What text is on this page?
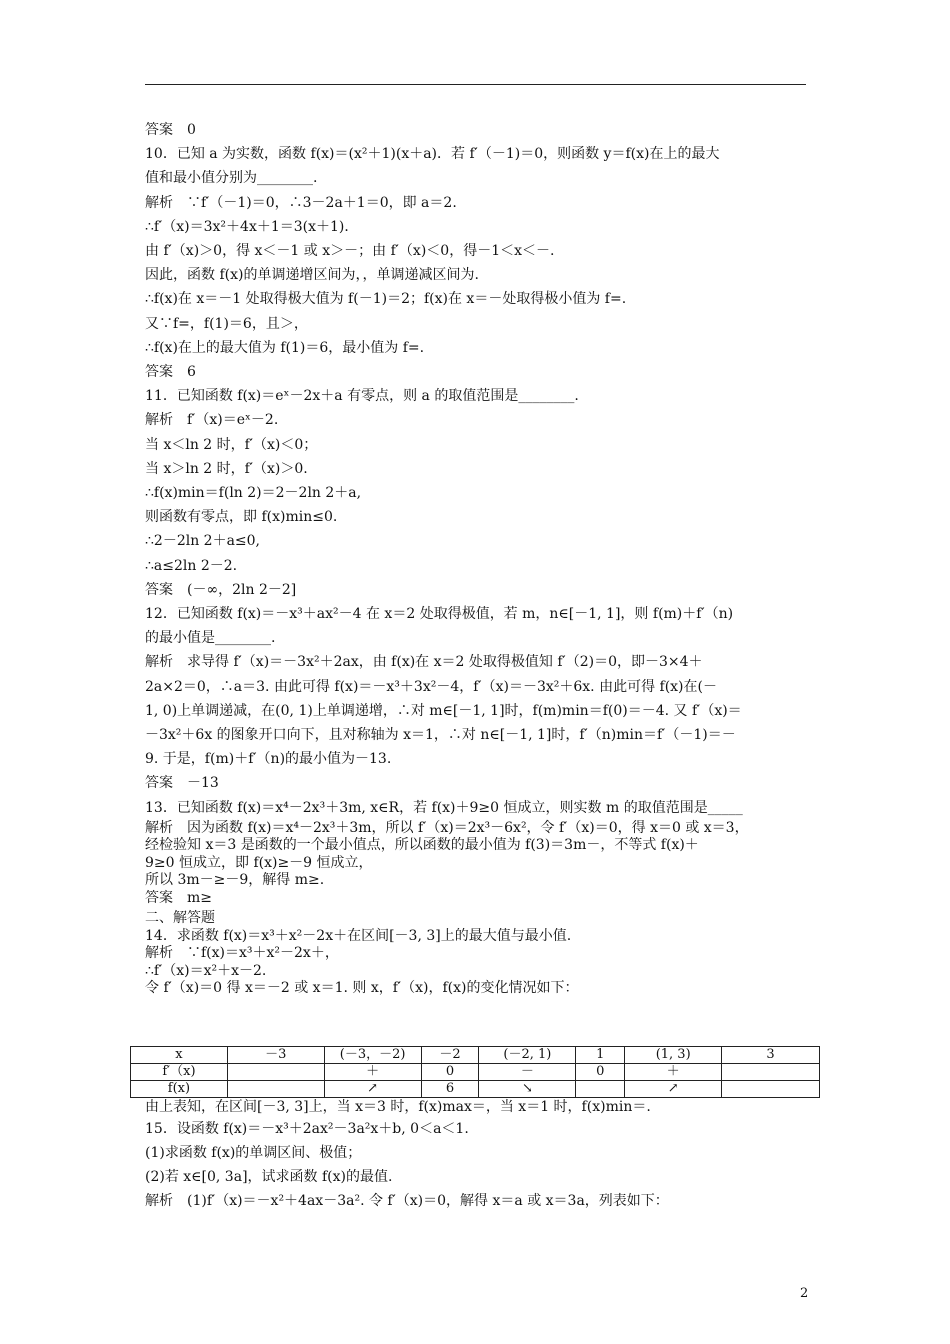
答案　0
10．已知 a 为实数，函数 f(x)＝(x²＋1)(x＋a)．若 f′（－1)＝0，则函数 y＝f(x)在上的最大
值和最小值分别为________.
解析　∵f′（－1)＝0，∴3－2a＋1＝0，即 a＝2.
∴f′（x)＝3x²＋4x＋1＝3(x＋1)．
由 f′（x)＞0，得 x＜－1 或 x＞－；由 f′（x)＜0，得－1＜x＜－.
因此，函数 f(x)的单调递增区间为，，单调递减区间为.
∴f(x)在 x＝－1 处取得极大值为 f(－1)＝2；f(x)在 x＝－处取得极小值为 f=.
又∵f=，f(1)＝6，且＞，
∴f(x)在上的最大值为 f(1)＝6，最小值为 f=.
答案　6
11．已知函数 f(x)＝eˣ－2x＋a 有零点，则 a 的取值范围是________.
解析　f′（x)＝eˣ－2.
当 x＜ln 2 时，f′（x)＜0；
当 x＞ln 2 时，f′（x)＞0.
∴f(x)min＝f(ln 2)＝2－2ln 2＋a,
则函数有零点，即 f(x)min≤0.
∴2－2ln 2＋a≤0,
∴a≤2ln 2－2.
答案　(－∞，2ln 2－2]
12．已知函数 f(x)＝－x³＋ax²－4 在 x＝2 处取得极值，若 m，n∈[－1, 1]，则 f(m)＋f′（n)
的最小值是________.
解析　求导得 f′（x)＝－3x²＋2ax，由 f(x)在 x＝2 处取得极值知 f′（2)＝0，即－3×4＋
2a×2＝0，∴a＝3. 由此可得 f(x)＝－x³＋3x²－4，f′（x)＝－3x²＋6x. 由此可得 f(x)在(－
1, 0)上单调递减，在(0, 1)上单调递增，∴对 m∈[－1, 1]时，f(m)min＝f(0)＝－4. 又 f′（x)＝
－3x²＋6x 的图象开口向下，且对称轴为 x＝1，∴对 n∈[－1, 1]时，f′（n)min＝f′（－1)＝－
9. 于是，f(m)＋f′（n)的最小值为－13.
答案　－13
13．已知函数 f(x)＝x⁴－2x³＋3m, x∈R，若 f(x)＋9≥0 恒成立，则实数 m 的取值范围是_____
解析　因为函数 f(x)＝x⁴－2x³＋3m，所以 f′（x)＝2x³－6x²，令 f′（x)＝0，得 x＝0 或 x＝3，
经检验知 x＝3 是函数的一个最小值点，所以函数的最小值为 f(3)＝3m－，不等式 f(x)＋
9≥0 恒成立，即 f(x)≥－9 恒成立，
所以 3m－≥－9，解得 m≥.
答案　m≥
二、解答题
14．求函数 f(x)＝x³＋x²－2x＋在区间[－3, 3]上的最大值与最小值.
解析　∵f(x)＝x³＋x²－2x＋，
∴f′（x)＝x²＋x－2.
令 f′（x)＝0 得 x＝－2 或 x＝1. 则 x，f′（x)，f(x)的变化情况如下：
x	－3	(－3，－2)	－2	(－2, 1)	1	(1, 3)	3
f′（x)		＋	0	－	0	＋	
f(x)		↗	6	↘		↗	
由上表知，在区间[－3, 3]上，当 x＝3 时，f(x)max＝，当 x＝1 时，f(x)min＝.
15．设函数 f(x)＝－x³＋2ax²－3a²x＋b, 0＜a＜1.
(1)求函数 f(x)的单调区间、极值；
(2)若 x∈[0, 3a]，试求函数 f(x)的最值.
解析　(1)f′（x)＝－x²＋4ax－3a². 令 f′（x)＝0，解得 x＝a 或 x＝3a，列表如下：
2
